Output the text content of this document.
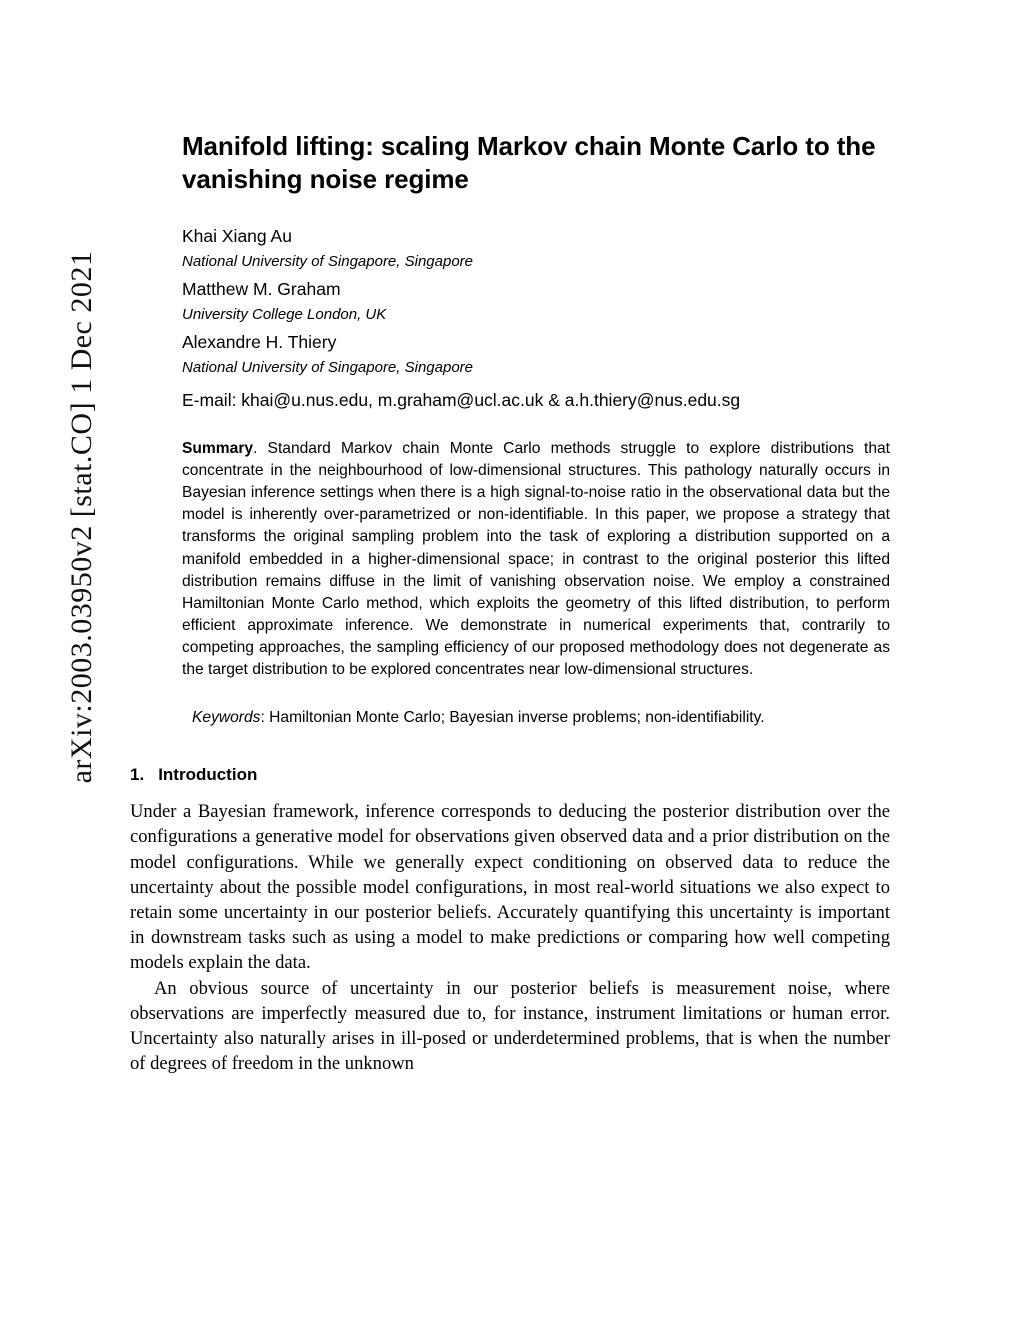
arXiv:2003.03950v2 [stat.CO] 1 Dec 2021
Manifold lifting: scaling Markov chain Monte Carlo to the vanishing noise regime

Khai Xiang Au

National University of Singapore, Singapore

Matthew M. Graham

University College London, UK

Alexandre H. Thiery

National University of Singapore, Singapore

E-mail: khai@u.nus.edu, m.graham@ucl.ac.uk & a.h.thiery@nus.edu.sg

Summary. Standard Markov chain Monte Carlo methods struggle to explore distributions that concentrate in the neighbourhood of low-dimensional structures. This pathology naturally occurs in Bayesian inference settings when there is a high signal-to-noise ratio in the observational data but the model is inherently over-parametrized or non-identifiable. In this paper, we propose a strategy that transforms the original sampling problem into the task of exploring a distribution supported on a manifold embedded in a higher-dimensional space; in contrast to the original posterior this lifted distribution remains diffuse in the limit of vanishing observation noise. We employ a constrained Hamiltonian Monte Carlo method, which exploits the geometry of this lifted distribution, to perform efficient approximate inference. We demonstrate in numerical experiments that, contrarily to competing approaches, the sampling efficiency of our proposed methodology does not degenerate as the target distribution to be explored concentrates near low-dimensional structures.
Keywords: Hamiltonian Monte Carlo; Bayesian inverse problems; non-identifiability.
1. Introduction

Under a Bayesian framework, inference corresponds to deducing the posterior distribution over the configurations a generative model for observations given observed data and a prior distribution on the model configurations. While we generally expect conditioning on observed data to reduce the uncertainty about the possible model configurations, in most real-world situations we also expect to retain some uncertainty in our posterior beliefs. Accurately quantifying this uncertainty is important in downstream tasks such as using a model to make predictions or comparing how well competing models explain the data.

An obvious source of uncertainty in our posterior beliefs is measurement noise, where observations are imperfectly measured due to, for instance, instrument limitations or human error. Uncertainty also naturally arises in ill-posed or underdetermined problems, that is when the number of degrees of freedom in the unknown
